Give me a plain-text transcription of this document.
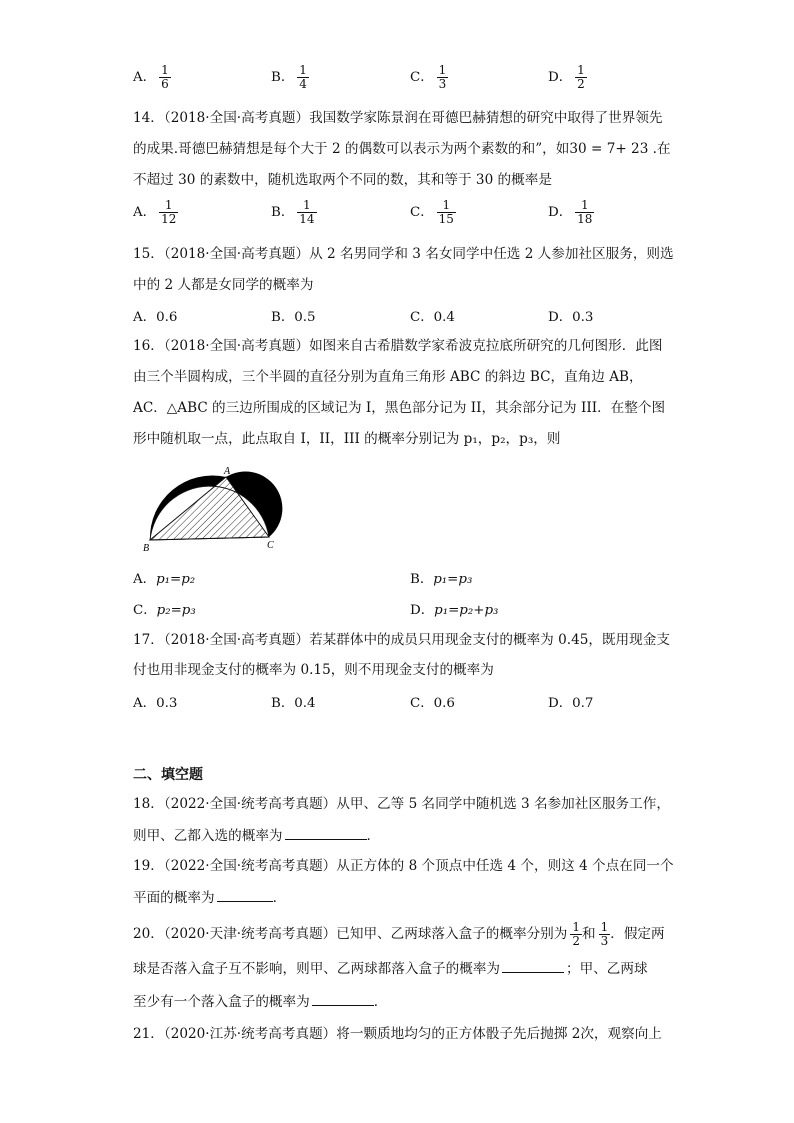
A． $\frac{1}{6}$	B． $\frac{1}{4}$	C． $\frac{1}{3}$	D． $\frac{1}{2}$
14．（2018·全国·高考真题）我国数学家陈景润在哥德巴赫猜想的研究中取得了世界领先
的成果.哥德巴赫猜想是每个大于 2 的偶数可以表示为两个素数的和”，如30 = 7+ 23 .在
不超过 30 的素数中，随机选取两个不同的数，其和等于 30 的概率是
A． $\frac{1}{12}$	B． $\frac{1}{14}$	C． $\frac{1}{15}$	D． $\frac{1}{18}$
15．（2018·全国·高考真题）从 2 名男同学和 3 名女同学中任选 2 人参加社区服务，则选
中的 2 人都是女同学的概率为
A．0.6	B．0.5	C．0.4	D．0.3
16．（2018·全国·高考真题）如图来自古希腊数学家希波克拉底所研究的几何图形．此图
由三个半圆构成，三个半圆的直径分别为直角三角形 ABC 的斜边 BC，直角边 AB，
AC．△ABC 的三边所围成的区域记为 I，黑色部分记为 II，其余部分记为 III．在整个图
形中随机取一点，此点取自 I，II，III 的概率分别记为 p₁，p₂，p₃，则
A
B	C
A．p₁=p₂	B．p₁=p₃
C．p₂=p₃	D．p₁=p₂+p₃
17．（2018·全国·高考真题）若某群体中的成员只用现金支付的概率为 0.45，既用现金支
付也用非现金支付的概率为 0.15，则不用现金支付的概率为
A．0.3	B．0.4	C．0.6	D．0.7
二、填空题
18．（2022·全国·统考高考真题）从甲、乙等 5 名同学中随机选 3 名参加社区服务工作，
则甲、乙都入选的概率为	．
19．（2022·全国·统考高考真题）从正方体的 8 个顶点中任选 4 个，则这 4 个点在同一个
平面的概率为	．
20．（2020·天津·统考高考真题）已知甲、乙两球落入盒子的概率分别为 $\frac{1}{2}$ 和 $\frac{1}{3}$ ．假定两
球是否落入盒子互不影响，则甲、乙两球都落入盒子的概率为	；甲、乙两球
至少有一个落入盒子的概率为	．
21．（2020·江苏·统考高考真题）将一颗质地均匀的正方体骰子先后抛掷 2次，观察向上
